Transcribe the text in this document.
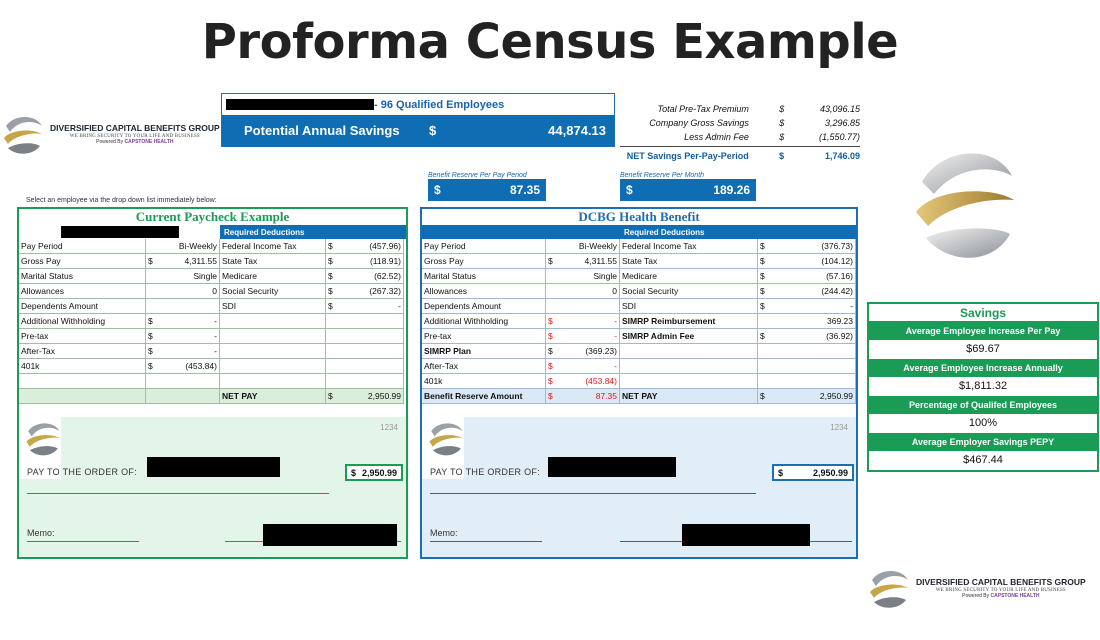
Proforma Census Example
DIVERSIFIED CAPITAL BENEFITS GROUP
WE BRING SECURITY TO YOUR LIFE AND BUSINESS
Powered By CAPSTONE HEALTH
- 96 Qualified Employees
Potential Annual Savings	$	44,874.13
Total Pre-Tax Premium	$	43,096.15
Company Gross Savings	$	3,296.85
Less Admin Fee	$	(1,550.77)
NET Savings Per-Pay-Period	$	1,746.09
Benefit Reserve Per Pay Period
$	87.35
Benefit Reserve Per Month
$	189.26
Select an employee via the drop down list immediately below:
Current Paycheck Example
Required Deductions
Pay Period	Bi-Weekly Federal Income Tax	$	(457.96)
Gross Pay	$	4,311.55 State Tax	$	(118.91)
Marital Status	Single Medicare	$	(62.52)
Allowances	0 Social Security	$	(267.32)
Dependents Amount	SDI	$	-
Additional Withholding	$	-
Pre-tax	$	-
After-Tax	$	-
401k	$	(453.84)
NET PAY	$	2,950.99
1234
PAY TO THE ORDER OF:	$ 2,950.99
Memo:
DCBG Health Benefit
Required Deductions
Pay Period	Bi-Weekly Federal Income Tax	$	(376.73)
Gross Pay	$	4,311.55 State Tax	$	(104.12)
Marital Status	Single Medicare	$	(57.16)
Allowances	0 Social Security	$	(244.42)
Dependents Amount	SDI	$	-
Additional Withholding	$	- SIMRP Reimbursement	369.23
Pre-tax	$	- SIMRP Admin Fee	$	(36.92)
SIMRP Plan	$	(369.23)
After-Tax	$	-
401k	$	(453.84)
Benefit Reserve Amount	$	87.35 NET PAY	$	2,950.99
1234
PAY TO THE ORDER OF:	$	2,950.99
Memo:
Savings
Average Employee Increase Per Pay
$69.67
Average Employee Increase Annually
$1,811.32
Percentage of Qualifed Employees
100%
Average Employer Savings PEPY
$467.44
DIVERSIFIED CAPITAL BENEFITS GROUP
WE BRING SECURITY TO YOUR LIFE AND BUSINESS
Powered By CAPSTONE HEALTH
